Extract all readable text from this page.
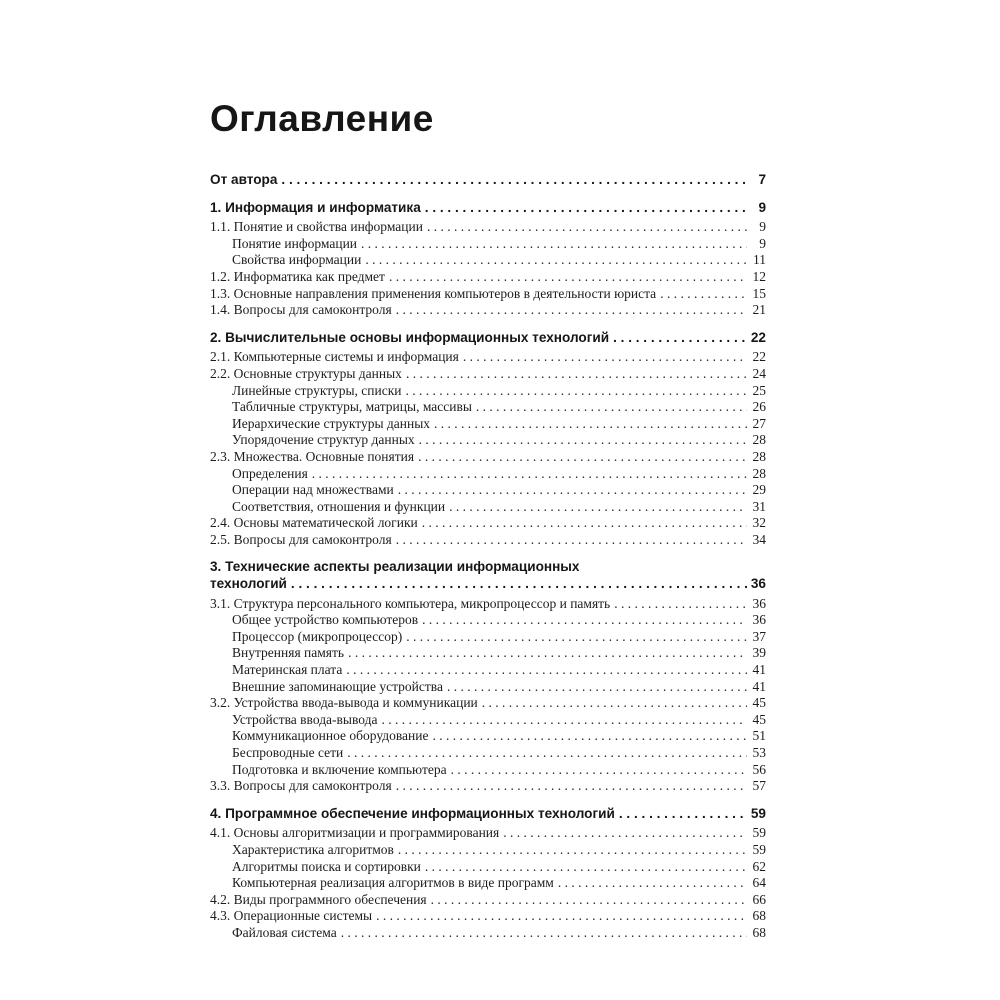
Оглавление
От автора . . .	7
1. Информация и информатика . . .	9
1.1. Понятие и свойства информации . . .	9
Понятие информации . . .	9
Свойства информации . . .	11
1.2. Информатика как предмет . . .	12
1.3. Основные направления применения компьютеров в деятельности юриста . . .	15
1.4. Вопросы для самоконтроля . . .	21
2. Вычислительные основы информационных технологий . . .	22
2.1. Компьютерные системы и информация . . .	22
2.2. Основные структуры данных . . .	24
Линейные структуры, списки . . .	25
Табличные структуры, матрицы, массивы . . .	26
Иерархические структуры данных . . .	27
Упорядочение структур данных . . .	28
2.3. Множества. Основные понятия . . .	28
Определения . . .	28
Операции над множествами . . .	29
Соответствия, отношения и функции . . .	31
2.4. Основы математической логики . . .	32
2.5. Вопросы для самоконтроля . . .	34
3. Технические аспекты реализации информационных
технологий . . .	36
3.1. Структура персонального компьютера, микропроцессор и память . . .	36
Общее устройство компьютеров . . .	36
Процессор (микропроцессор) . . .	37
Внутренняя память . . .	39
Материнская плата . . .	41
Внешние запоминающие устройства . . .	41
3.2. Устройства ввода-вывода и коммуникации . . .	45
Устройства ввода-вывода . . .	45
Коммуникационное оборудование . . .	51
Беспроводные сети . . .	53
Подготовка и включение компьютера . . .	56
3.3. Вопросы для самоконтроля . . .	57
4. Программное обеспечение информационных технологий . . .	59
4.1. Основы алгоритмизации и программирования . . .	59
Характеристика алгоритмов . . .	59
Алгоритмы поиска и сортировки . . .	62
Компьютерная реализация алгоритмов в виде программ . . .	64
4.2. Виды программного обеспечения . . .	66
4.3. Операционные системы . . .	68
Файловая система . . .	68
